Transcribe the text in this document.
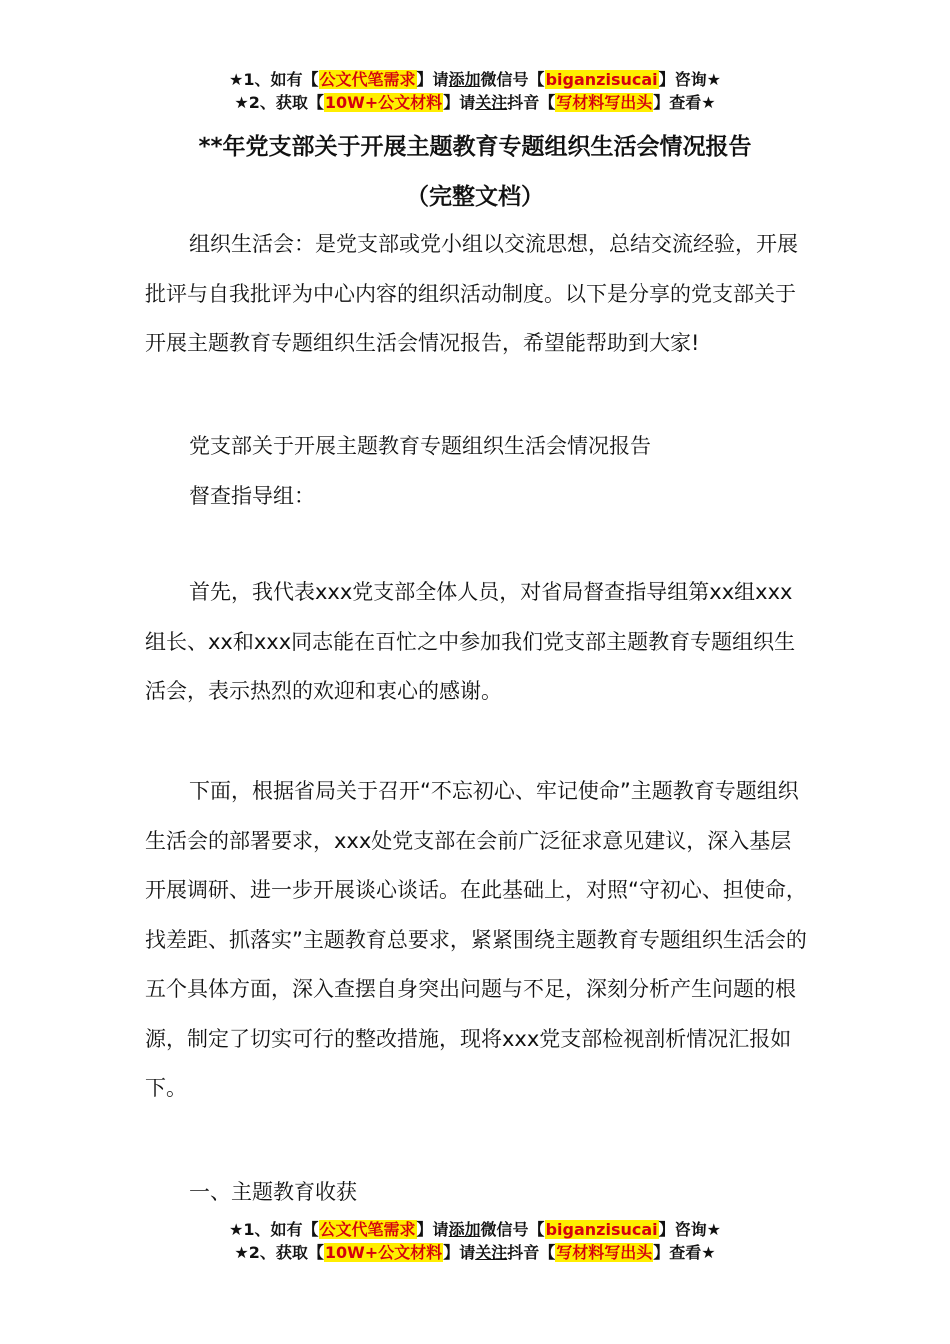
★1、如有【公文代笔需求】请添加微信号【biganzisucai】咨询★
★2、获取【10W+公文材料】请关注抖音【写材料写出头】查看★
**年党支部关于开展主题教育专题组织生活会情况报告
（完整文档）

组织生活会：是党支部或党小组以交流思想，总结交流经验，开展批评与自我批评为中心内容的组织活动制度。以下是分享的党支部关于开展主题教育专题组织生活会情况报告，希望能帮助到大家!

党支部关于开展主题教育专题组织生活会情况报告
督查指导组：

首先，我代表xxx党支部全体人员，对省局督查指导组第xx组xxx组长、xx和xxx同志能在百忙之中参加我们党支部主题教育专题组织生活会，表示热烈的欢迎和衷心的感谢。

下面，根据省局关于召开“不忘初心、牢记使命”主题教育专题组织生活会的部署要求，xxx处党支部在会前广泛征求意见建议，深入基层开展调研、进一步开展谈心谈话。在此基础上，对照“守初心、担使命，找差距、抓落实”主题教育总要求，紧紧围绕主题教育专题组织生活会的五个具体方面，深入查摆自身突出问题与不足，深刻分析产生问题的根源，制定了切实可行的整改措施，现将xxx党支部检视剖析情况汇报如下。

一、主题教育收获
★1、如有【公文代笔需求】请添加微信号【biganzisucai】咨询★
★2、获取【10W+公文材料】请关注抖音【写材料写出头】查看★
